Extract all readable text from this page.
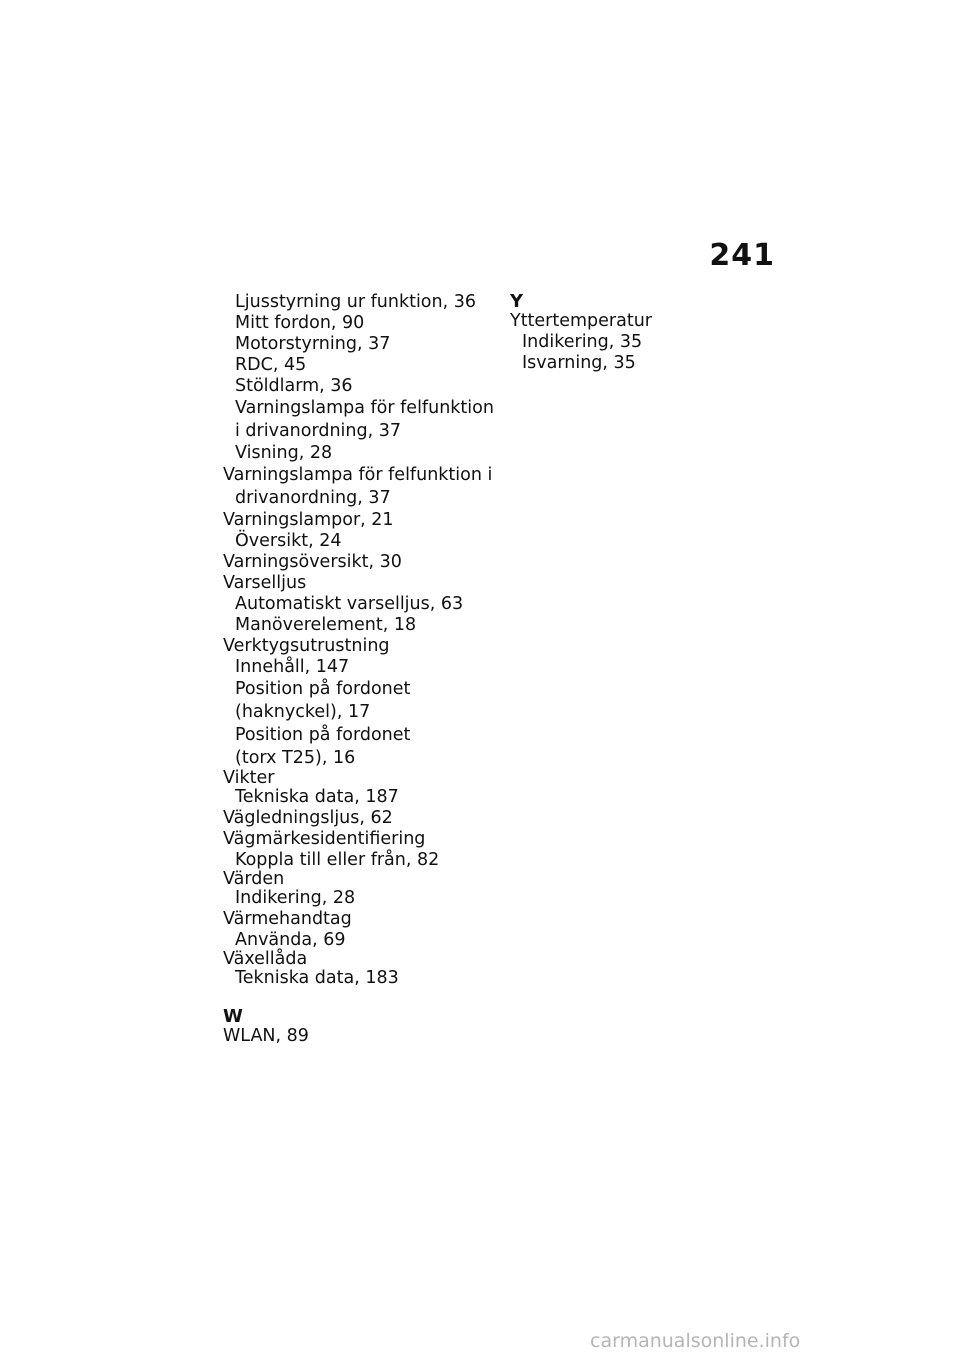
241
Ljusstyrning ur funktion, 36
Mitt fordon, 90
Motorstyrning, 37
RDC, 45
Stöldlarm, 36
Varningslampa för felfunktion
i drivanordning, 37
Visning, 28
Varningslampa för felfunktion i
drivanordning, 37
Varningslampor, 21
Översikt, 24
Varningsöversikt, 30
Varselljus
Automatiskt varselljus, 63
Manöverelement, 18
Verktygsutrustning
Innehåll, 147
Position på fordonet
(haknyckel), 17
Position på fordonet
(torx T25), 16
Vikter
Tekniska data, 187
Vägledningsljus, 62
Vägmärkesidentifiering
Koppla till eller från, 82
Värden
Indikering, 28
Värmehandtag
Använda, 69
Växellåda
Tekniska data, 183
W
WLAN, 89
Y
Yttertemperatur
Indikering, 35
Isvarning, 35
carmanualsonline.info
